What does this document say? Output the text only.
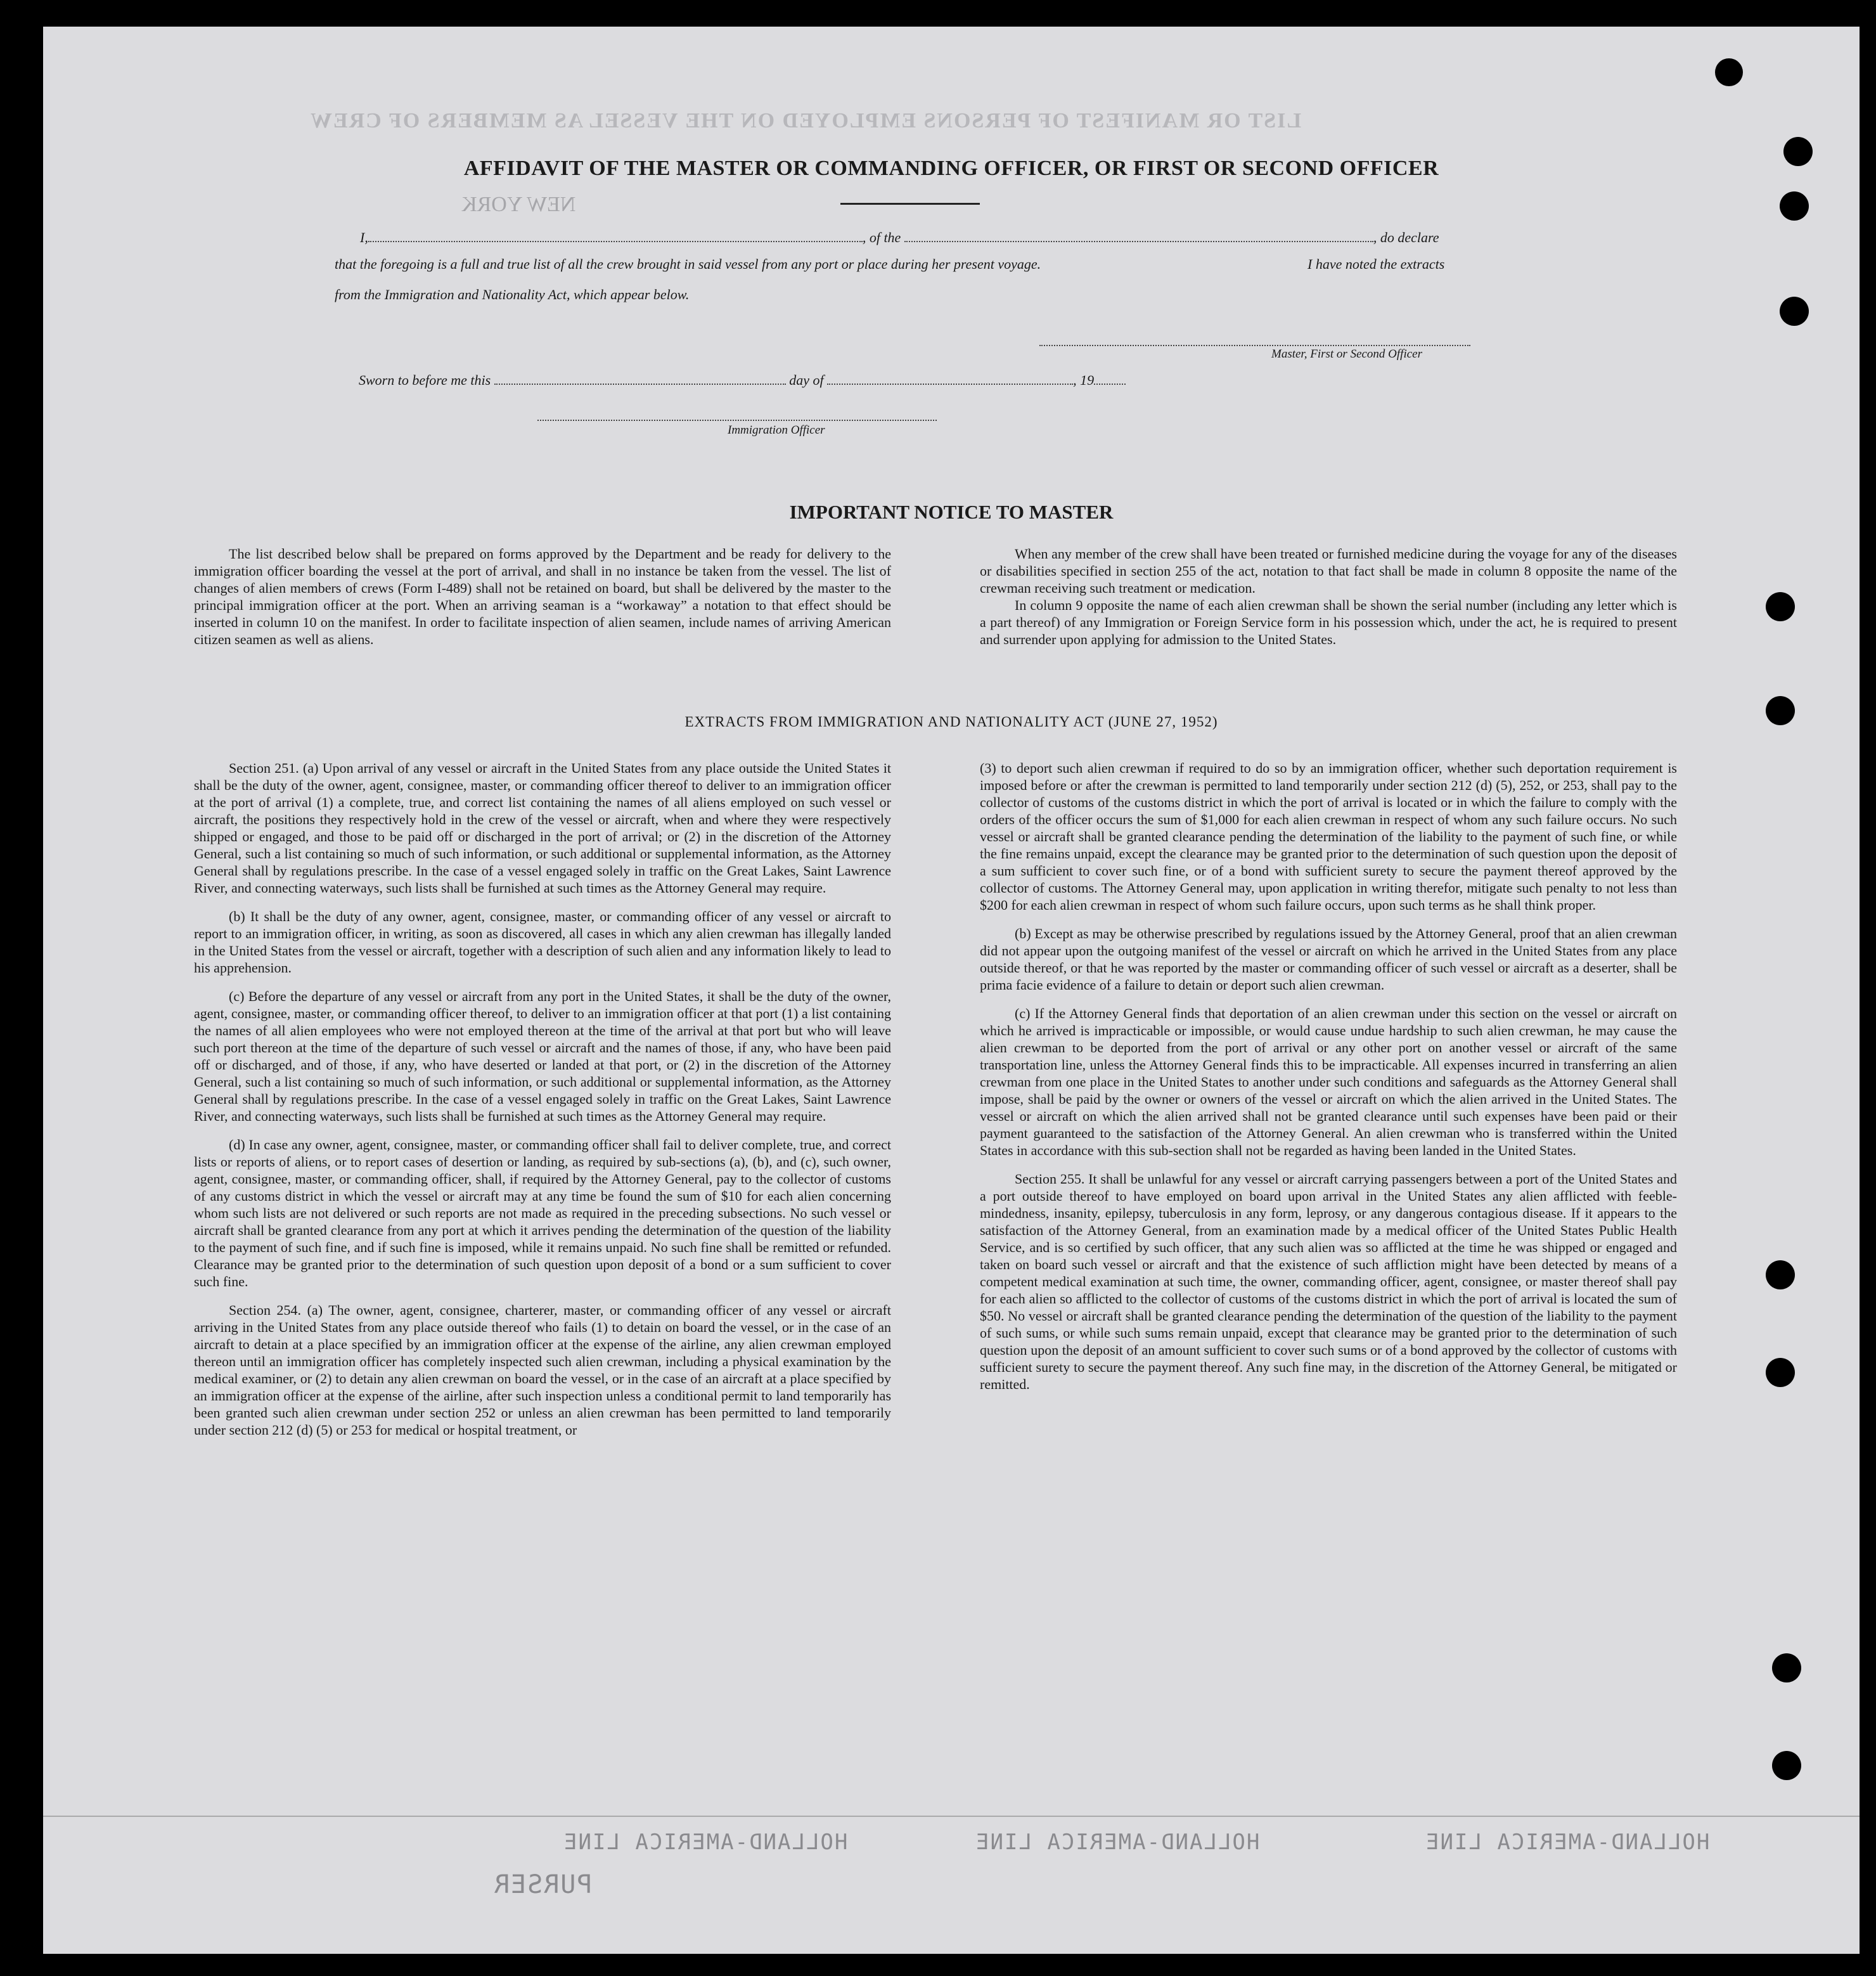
LIST OR MANIFEST OF PERSONS EMPLOYED ON THE VESSEL AS MEMBERS OF CREW
NEW YORK
AFFIDAVIT OF THE MASTER OR COMMANDING OFFICER, OR FIRST OR SECOND OFFICER
I,	, of the	, do declare
that the foregoing is a full and true list of all the crew brought in said vessel from any port or place during her present voyage.	I have noted the extracts
from the Immigration and Nationality Act, which appear below.
Master, First or Second Officer
Sworn to before me this	day of	, 19
Immigration Officer
IMPORTANT NOTICE TO MASTER

The list described below shall be prepared on forms approved by the Department and be ready for delivery to the immigration officer boarding the vessel at the port of arrival, and shall in no instance be taken from the vessel. The list of changes of alien members of crews (Form I-489) shall not be retained on board, but shall be delivered by the master to the principal immigration officer at the port. When an arriving seaman is a “workaway” a notation to that effect should be inserted in column 10 on the manifest. In order to facilitate inspection of alien seamen, include names of arriving American citizen seamen as well as aliens.

When any member of the crew shall have been treated or furnished medicine during the voyage for any of the diseases or disabilities specified in section 255 of the act, notation to that fact shall be made in column 8 opposite the name of the crewman receiving such treatment or medication.

In column 9 opposite the name of each alien crewman shall be shown the serial number (including any letter which is a part thereof) of any Immigration or Foreign Service form in his possession which, under the act, he is required to present and surrender upon applying for admission to the United States.

EXTRACTS FROM IMMIGRATION AND NATIONALITY ACT (JUNE 27, 1952)

Section 251. (a) Upon arrival of any vessel or aircraft in the United States from any place outside the United States it shall be the duty of the owner, agent, consignee, master, or commanding officer thereof to deliver to an immigration officer at the port of arrival (1) a complete, true, and correct list containing the names of all aliens employed on such vessel or aircraft, the positions they respectively hold in the crew of the vessel or aircraft, when and where they were respectively shipped or engaged, and those to be paid off or discharged in the port of arrival; or (2) in the discretion of the Attorney General, such a list containing so much of such information, or such additional or supplemental information, as the Attorney General shall by regulations prescribe. In the case of a vessel engaged solely in traffic on the Great Lakes, Saint Lawrence River, and connecting waterways, such lists shall be furnished at such times as the Attorney General may require.

(b) It shall be the duty of any owner, agent, consignee, master, or commanding officer of any vessel or aircraft to report to an immigration officer, in writing, as soon as discovered, all cases in which any alien crewman has illegally landed in the United States from the vessel or aircraft, together with a description of such alien and any information likely to lead to his apprehension.

(c) Before the departure of any vessel or aircraft from any port in the United States, it shall be the duty of the owner, agent, consignee, master, or commanding officer thereof, to deliver to an immigration officer at that port (1) a list containing the names of all alien employees who were not employed thereon at the time of the arrival at that port but who will leave such port thereon at the time of the departure of such vessel or aircraft and the names of those, if any, who have been paid off or discharged, and of those, if any, who have deserted or landed at that port, or (2) in the discretion of the Attorney General, such a list containing so much of such information, or such additional or supplemental information, as the Attorney General shall by regulations prescribe. In the case of a vessel engaged solely in traffic on the Great Lakes, Saint Lawrence River, and connecting waterways, such lists shall be furnished at such times as the Attorney General may require.

(d) In case any owner, agent, consignee, master, or commanding officer shall fail to deliver complete, true, and correct lists or reports of aliens, or to report cases of desertion or landing, as required by sub-sections (a), (b), and (c), such owner, agent, consignee, master, or commanding officer, shall, if required by the Attorney General, pay to the collector of customs of any customs district in which the vessel or aircraft may at any time be found the sum of $10 for each alien concerning whom such lists are not delivered or such reports are not made as required in the preceding subsections. No such vessel or aircraft shall be granted clearance from any port at which it arrives pending the determination of the question of the liability to the payment of such fine, and if such fine is imposed, while it remains unpaid. No such fine shall be remitted or refunded. Clearance may be granted prior to the determination of such question upon deposit of a bond or a sum sufficient to cover such fine.

Section 254. (a) The owner, agent, consignee, charterer, master, or commanding officer of any vessel or aircraft arriving in the United States from any place outside thereof who fails (1) to detain on board the vessel, or in the case of an aircraft to detain at a place specified by an immigration officer at the expense of the airline, any alien crewman employed thereon until an immigration officer has completely inspected such alien crewman, including a physical examination by the medical examiner, or (2) to detain any alien crewman on board the vessel, or in the case of an aircraft at a place specified by an immigration officer at the expense of the airline, after such inspection unless a conditional permit to land temporarily has been granted such alien crewman under section 252 or unless an alien crewman has been permitted to land temporarily under section 212 (d) (5) or 253 for medical or hospital treatment, or

(3) to deport such alien crewman if required to do so by an immigration officer, whether such deportation requirement is imposed before or after the crewman is permitted to land temporarily under section 212 (d) (5), 252, or 253, shall pay to the collector of customs of the customs district in which the port of arrival is located or in which the failure to comply with the orders of the officer occurs the sum of $1,000 for each alien crewman in respect of whom any such failure occurs. No such vessel or aircraft shall be granted clearance pending the determination of the liability to the payment of such fine, or while the fine remains unpaid, except the clearance may be granted prior to the determination of such question upon the deposit of a sum sufficient to cover such fine, or of a bond with sufficient surety to secure the payment thereof approved by the collector of customs. The Attorney General may, upon application in writing therefor, mitigate such penalty to not less than $200 for each alien crewman in respect of whom such failure occurs, upon such terms as he shall think proper.

(b) Except as may be otherwise prescribed by regulations issued by the Attorney General, proof that an alien crewman did not appear upon the outgoing manifest of the vessel or aircraft on which he arrived in the United States from any place outside thereof, or that he was reported by the master or commanding officer of such vessel or aircraft as a deserter, shall be prima facie evidence of a failure to detain or deport such alien crewman.

(c) If the Attorney General finds that deportation of an alien crewman under this section on the vessel or aircraft on which he arrived is impracticable or impossible, or would cause undue hardship to such alien crewman, he may cause the alien crewman to be deported from the port of arrival or any other port on another vessel or aircraft of the same transportation line, unless the Attorney General finds this to be impracticable. All expenses incurred in transferring an alien crewman from one place in the United States to another under such conditions and safeguards as the Attorney General shall impose, shall be paid by the owner or owners of the vessel or aircraft on which the alien arrived in the United States. The vessel or aircraft on which the alien arrived shall not be granted clearance until such expenses have been paid or their payment guaranteed to the satisfaction of the Attorney General. An alien crewman who is transferred within the United States in accordance with this sub-section shall not be regarded as having been landed in the United States.

Section 255. It shall be unlawful for any vessel or aircraft carrying passengers between a port of the United States and a port outside thereof to have employed on board upon arrival in the United States any alien afflicted with feeble-mindedness, insanity, epilepsy, tuberculosis in any form, leprosy, or any dangerous contagious disease. If it appears to the satisfaction of the Attorney General, from an examination made by a medical officer of the United States Public Health Service, and is so certified by such officer, that any such alien was so afflicted at the time he was shipped or engaged and taken on board such vessel or aircraft and that the existence of such affliction might have been detected by means of a competent medical examination at such time, the owner, commanding officer, agent, consignee, or master thereof shall pay for each alien so afflicted to the collector of customs of the customs district in which the port of arrival is located the sum of $50. No vessel or aircraft shall be granted clearance pending the determination of the question of the liability to the payment of such sums, or while such sums remain unpaid, except that clearance may be granted prior to the determination of such question upon the deposit of an amount sufficient to cover such sums or of a bond approved by the collector of customs with sufficient surety to secure the payment thereof. Any such fine may, in the discretion of the Attorney General, be mitigated or remitted.

HOLLAND-AMERICA LINE	HOLLAND-AMERICA LINE	HOLLAND-AMERICA LINE
PURSER
